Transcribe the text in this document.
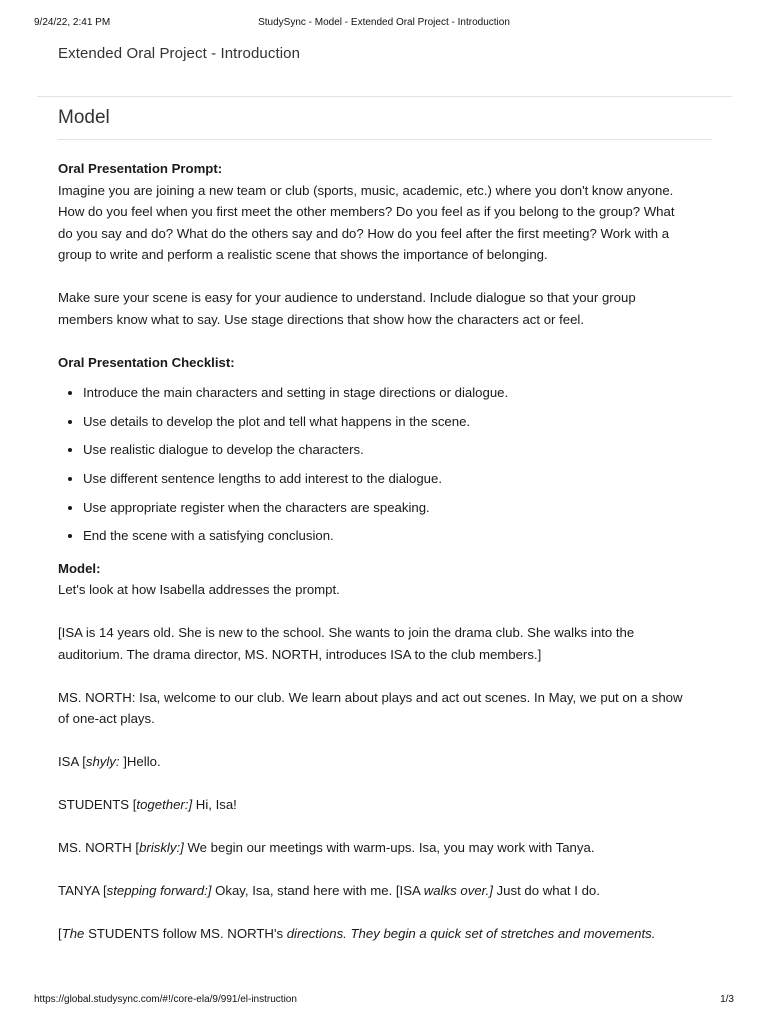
9/24/22, 2:41 PM	StudySync - Model - Extended Oral Project - Introduction
Extended Oral Project - Introduction
Model

Oral Presentation Prompt:

Imagine you are joining a new team or club (sports, music, academic, etc.) where you don't know anyone. How do you feel when you first meet the other members? Do you feel as if you belong to the group? What do you say and do? What do the others say and do? How do you feel after the first meeting? Work with a group to write and perform a realistic scene that shows the importance of belonging.

Make sure your scene is easy for your audience to understand. Include dialogue so that your group members know what to say. Use stage directions that show how the characters act or feel.

Oral Presentation Checklist:

• Introduce the main characters and setting in stage directions or dialogue.
• Use details to develop the plot and tell what happens in the scene.
• Use realistic dialogue to develop the characters.
• Use different sentence lengths to add interest to the dialogue.
• Use appropriate register when the characters are speaking.
• End the scene with a satisfying conclusion.

Model:

Let's look at how Isabella addresses the prompt.

[ISA is 14 years old. She is new to the school. She wants to join the drama club. She walks into the auditorium. The drama director, MS. NORTH, introduces ISA to the club members.]

MS. NORTH: Isa, welcome to our club. We learn about plays and act out scenes. In May, we put on a show of one-act plays.

ISA [shyly: ]Hello.

STUDENTS [together:] Hi, Isa!

MS. NORTH [briskly:] We begin our meetings with warm-ups. Isa, you may work with Tanya.

TANYA [stepping forward:] Okay, Isa, stand here with me. [ISA walks over.] Just do what I do.

[The STUDENTS follow MS. NORTH's directions. They begin a quick set of stretches and movements.

https://global.studysync.com/#!/core-ela/9/991/el-instruction	1/3
